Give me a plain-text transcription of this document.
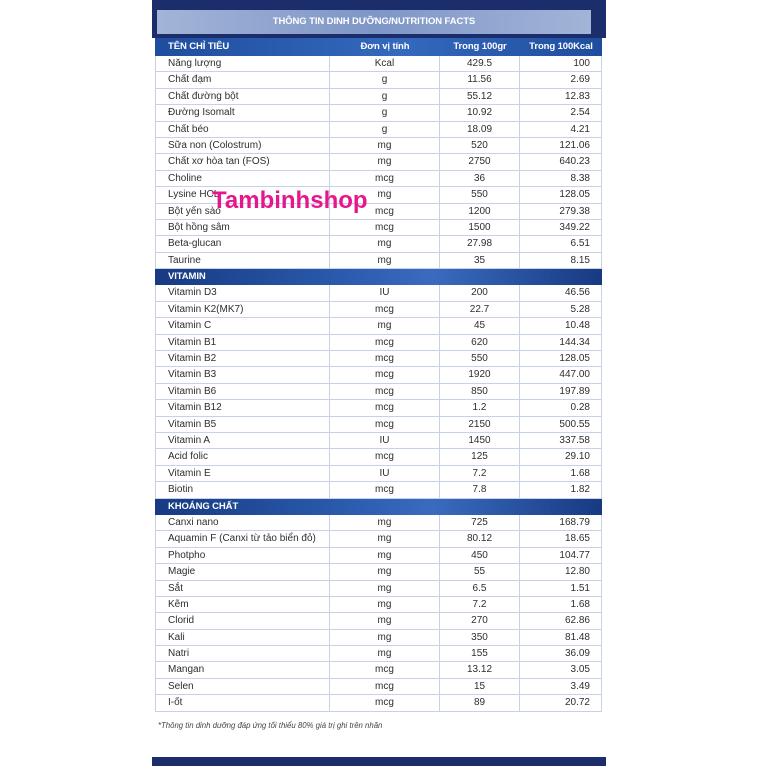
THÔNG TIN DINH DƯỠNG/NUTRITION FACTS
TÊN CHỈ TIÊU	Đơn vị tính	Trong 100gr	Trong 100Kcal
Năng lượng	Kcal	429.5	100
Chất đạm	g	11.56	2.69
Chất đường bột	g	55.12	12.83
Đường Isomalt	g	10.92	2.54
Chất béo	g	18.09	4.21
Sữa non (Colostrum)	mg	520	121.06
Chất xơ hòa tan (FOS)	mg	2750	640.23
Choline	mcg	36	8.38
Lysine HCL	mg	550	128.05
Bột yến sào	mcg	1200	279.38
Bột hồng sâm	mcg	1500	349.22
Beta-glucan	mg	27.98	6.51
Taurine	mg	35	8.15
VITAMIN
Vitamin D3	IU	200	46.56
Vitamin K2(MK7)	mcg	22.7	5.28
Vitamin C	mg	45	10.48
Vitamin B1	mcg	620	144.34
Vitamin B2	mcg	550	128.05
Vitamin B3	mcg	1920	447.00
Vitamin B6	mcg	850	197.89
Vitamin B12	mcg	1.2	0.28
Vitamin B5	mcg	2150	500.55
Vitamin A	IU	1450	337.58
Acid folic	mcg	125	29.10
Vitamin E	IU	7.2	1.68
Biotin	mcg	7.8	1.82
KHOÁNG CHẤT
Canxi nano	mg	725	168.79
Aquamin F (Canxi từ tảo biển đỏ)	mg	80.12	18.65
Photpho	mg	450	104.77
Magie	mg	55	12.80
Sắt	mg	6.5	1.51
Kẽm	mg	7.2	1.68
Clorid	mg	270	62.86
Kali	mg	350	81.48
Natri	mg	155	36.09
Mangan	mcg	13.12	3.05
Selen	mcg	15	3.49
I-ốt	mcg	89	20.72
Tambinhshop
*Thông tin dinh dưỡng đáp ứng tối thiểu 80% giá trị ghi trên nhãn
